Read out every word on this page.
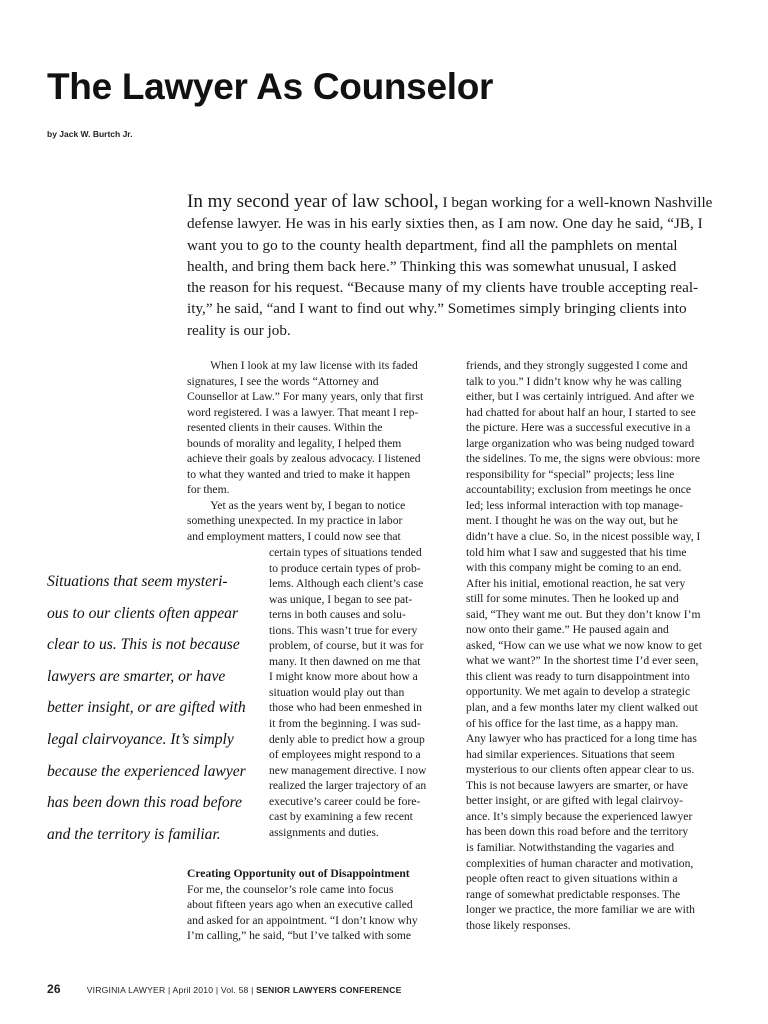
The Lawyer As Counselor
by Jack W. Burtch Jr.
In my second year of law school, I began working for a well-known Nashville
defense lawyer. He was in his early sixties then, as I am now. One day he said, “JB, I
want you to go to the county health department, find all the pamphlets on mental
health, and bring them back here.” Thinking this was somewhat unusual, I asked
the reason for his request. “Because many of my clients have trouble accepting real-
ity,” he said, “and I want to find out why.” Sometimes simply bringing clients into
reality is our job.
  When I look at my law license with its faded
signatures, I see the words “Attorney and
Counsellor at Law.” For many years, only that first
word registered. I was a lawyer. That meant I rep-
resented clients in their causes. Within the
bounds of morality and legality, I helped them
achieve their goals by zealous advocacy. I listened
to what they wanted and tried to make it happen
for them.
  Yet as the years went by, I began to notice
something unexpected. In my practice in labor
and employment matters, I could now see that
certain types of situations tended
to produce certain types of prob-
lems. Although each client’s case
was unique, I began to see pat-
terns in both causes and solu-
tions. This wasn’t true for every
problem, of course, but it was for
many. It then dawned on me that
I might know more about how a
situation would play out than
those who had been enmeshed in
it from the beginning. I was sud-
denly able to predict how a group
of employees might respond to a
new management directive. I now
realized the larger trajectory of an
executive’s career could be fore-
cast by examining a few recent
assignments and duties.
Situations that seem mysteri-
ous to our clients often appear
clear to us. This is not because
lawyers are smarter, or have
better insight, or are gifted with
legal clairvoyance. It’s simply
because the experienced lawyer
has been down this road before
and the territory is familiar.
Creating Opportunity out of Disappointment
For me, the counselor’s role came into focus
about fifteen years ago when an executive called
and asked for an appointment. “I don’t know why
I’m calling,” he said, “but I’ve talked with some
friends, and they strongly suggested I come and
talk to you.” I didn’t know why he was calling
either, but I was certainly intrigued. And after we
had chatted for about half an hour, I started to see
the picture. Here was a successful executive in a
large organization who was being nudged toward
the sidelines. To me, the signs were obvious: more
responsibility for “special” projects; less line
accountability; exclusion from meetings he once
led; less informal interaction with top manage-
ment. I thought he was on the way out, but he
didn’t have a clue. So, in the nicest possible way, I
told him what I saw and suggested that his time
with this company might be coming to an end.
After his initial, emotional reaction, he sat very
still for some minutes. Then he looked up and
said, “They want me out. But they don’t know I’m
now onto their game.” He paused again and
asked, “How can we use what we now know to get
what we want?” In the shortest time I’d ever seen,
this client was ready to turn disappointment into
opportunity. We met again to develop a strategic
plan, and a few months later my client walked out
of his office for the last time, as a happy man.
Any lawyer who has practiced for a long time has
had similar experiences. Situations that seem
mysterious to our clients often appear clear to us.
This is not because lawyers are smarter, or have
better insight, or are gifted with legal clairvoy-
ance. It’s simply because the experienced lawyer
has been down this road before and the territory
is familiar. Notwithstanding the vagaries and
complexities of human character and motivation,
people often react to given situations within a
range of somewhat predictable responses. The
longer we practice, the more familiar we are with
those likely responses.
26	VIRGINIA LAWYER | April 2010 | Vol. 58 | SENIOR LAWYERS CONFERENCE
